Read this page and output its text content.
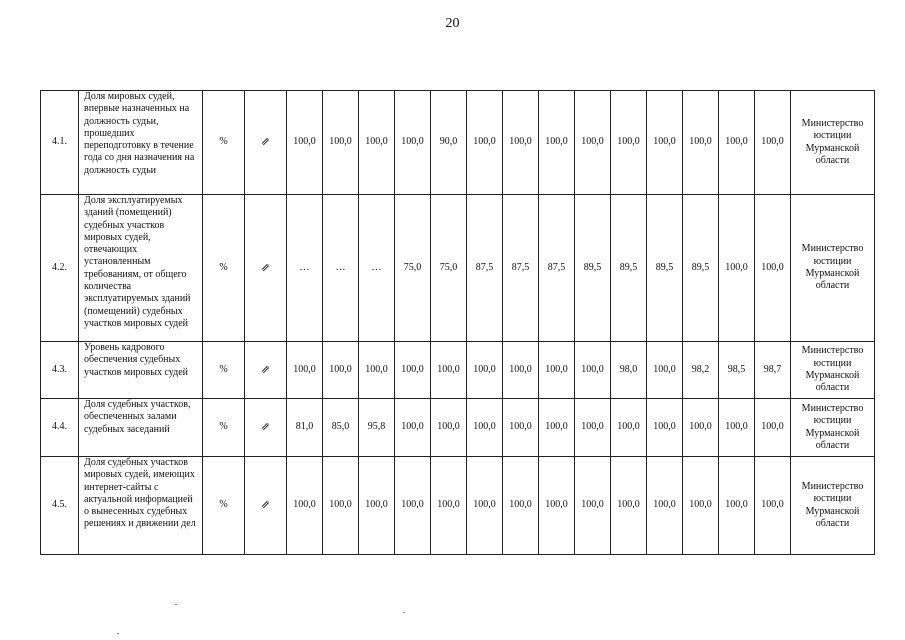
20
4.1.	Доля мировых судей, впервые назначенных на должность судьи, прошедших переподготовку в течение года со дня назначения на должность судьи	%	⇗	100,0	100,0	100,0	100,0	90,0	100,0	100,0	100,0	100,0	100,0	100,0	100,0	100,0	100,0	Министерство юстиции Мурманской области
4.2.	Доля эксплуатируемых зданий (помещений) судебных участков мировых судей, отвечающих установленным требованиям, от общего количества эксплуатируемых зданий (помещений) судебных участков мировых судей	%	⇗	…	…	…	75,0	75,0	87,5	87,5	87,5	89,5	89,5	89,5	89,5	100,0	100,0	Министерство юстиции Мурманской области
4.3.	Уровень кадрового обеспечения судебных участков мировых судей	%	⇗	100,0	100,0	100,0	100,0	100,0	100,0	100,0	100,0	100,0	98,0	100,0	98,2	98,5	98,7	Министерство юстиции Мурманской области
4.4.	Доля судебных участков, обеспеченных залами судебных заседаний	%	⇗	81,0	85,0	95,8	100,0	100,0	100,0	100,0	100,0	100,0	100,0	100,0	100,0	100,0	100,0	Министерство юстиции Мурманской области
4.5.	Доля судебных участков мировых судей, имеющих интернет-сайты с актуальной информацией о вынесенных судебных решениях и движении дел	%	⇗	100,0	100,0	100,0	100,0	100,0	100,0	100,0	100,0	100,0	100,0	100,0	100,0	100,0	100,0	Министерство юстиции Мурманской области
